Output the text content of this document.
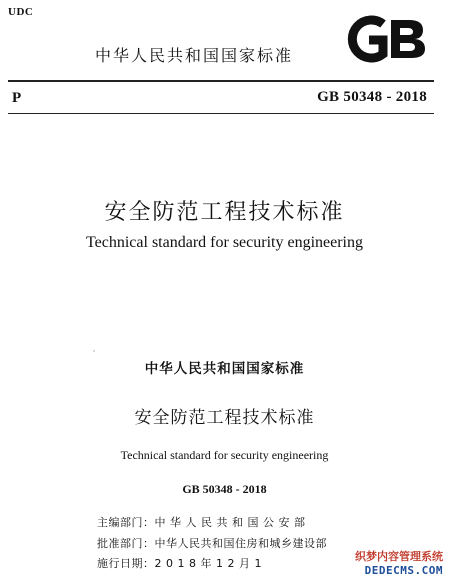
UDC
中华人民共和国国家标准
P	GB 50348 - 2018
安全防范工程技术标准
Technical standard for security engineering
中华人民共和国国家标准
安全防范工程技术标准
Technical standard for security engineering
GB 50348 - 2018
主编部门：中 华 人 民 共 和 国 公 安 部
批准部门：中华人民共和国住房和城乡建设部
施行日期：2 0 1 8 年 1 2 月 1
织梦内容管理系统
DEDECMS.COM
